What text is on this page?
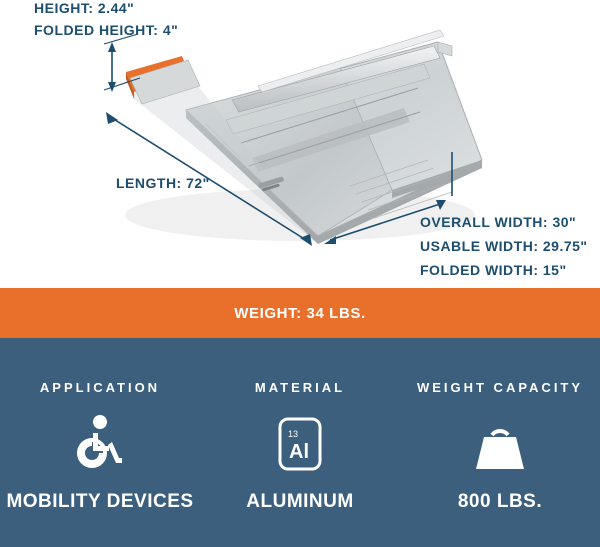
HEIGHT: 2.44"
FOLDED HEIGHT: 4"
LENGTH: 72"
OVERALL WIDTH: 30"
USABLE WIDTH: 29.75"
FOLDED WIDTH: 15"
WEIGHT: 34 LBS.
APPLICATION
MOBILITY DEVICES
MATERIAL
13
Al
ALUMINUM
WEIGHT CAPACITY
800 LBS.
